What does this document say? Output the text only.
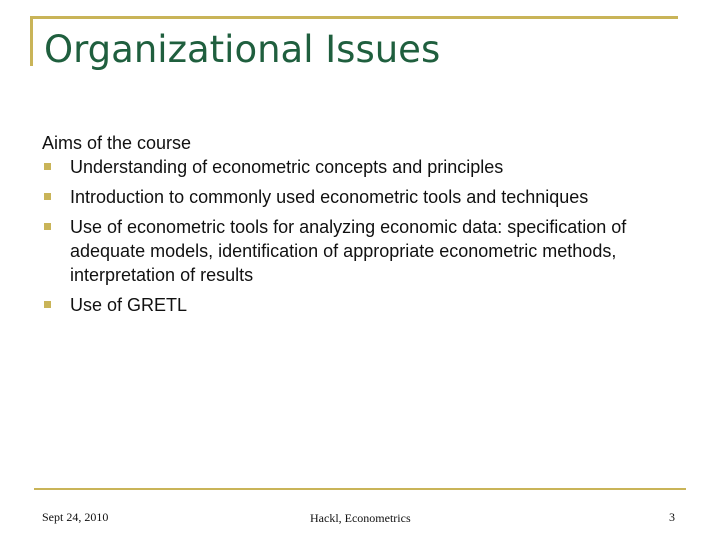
Organizational Issues
Aims of the course
Understanding of econometric concepts and principles
Introduction to commonly used econometric tools and techniques
Use of econometric tools for analyzing economic data: specification of adequate models, identification of appropriate econometric methods, interpretation of results
Use of GRETL
Sept 24, 2010	Hackl, Econometrics	3
